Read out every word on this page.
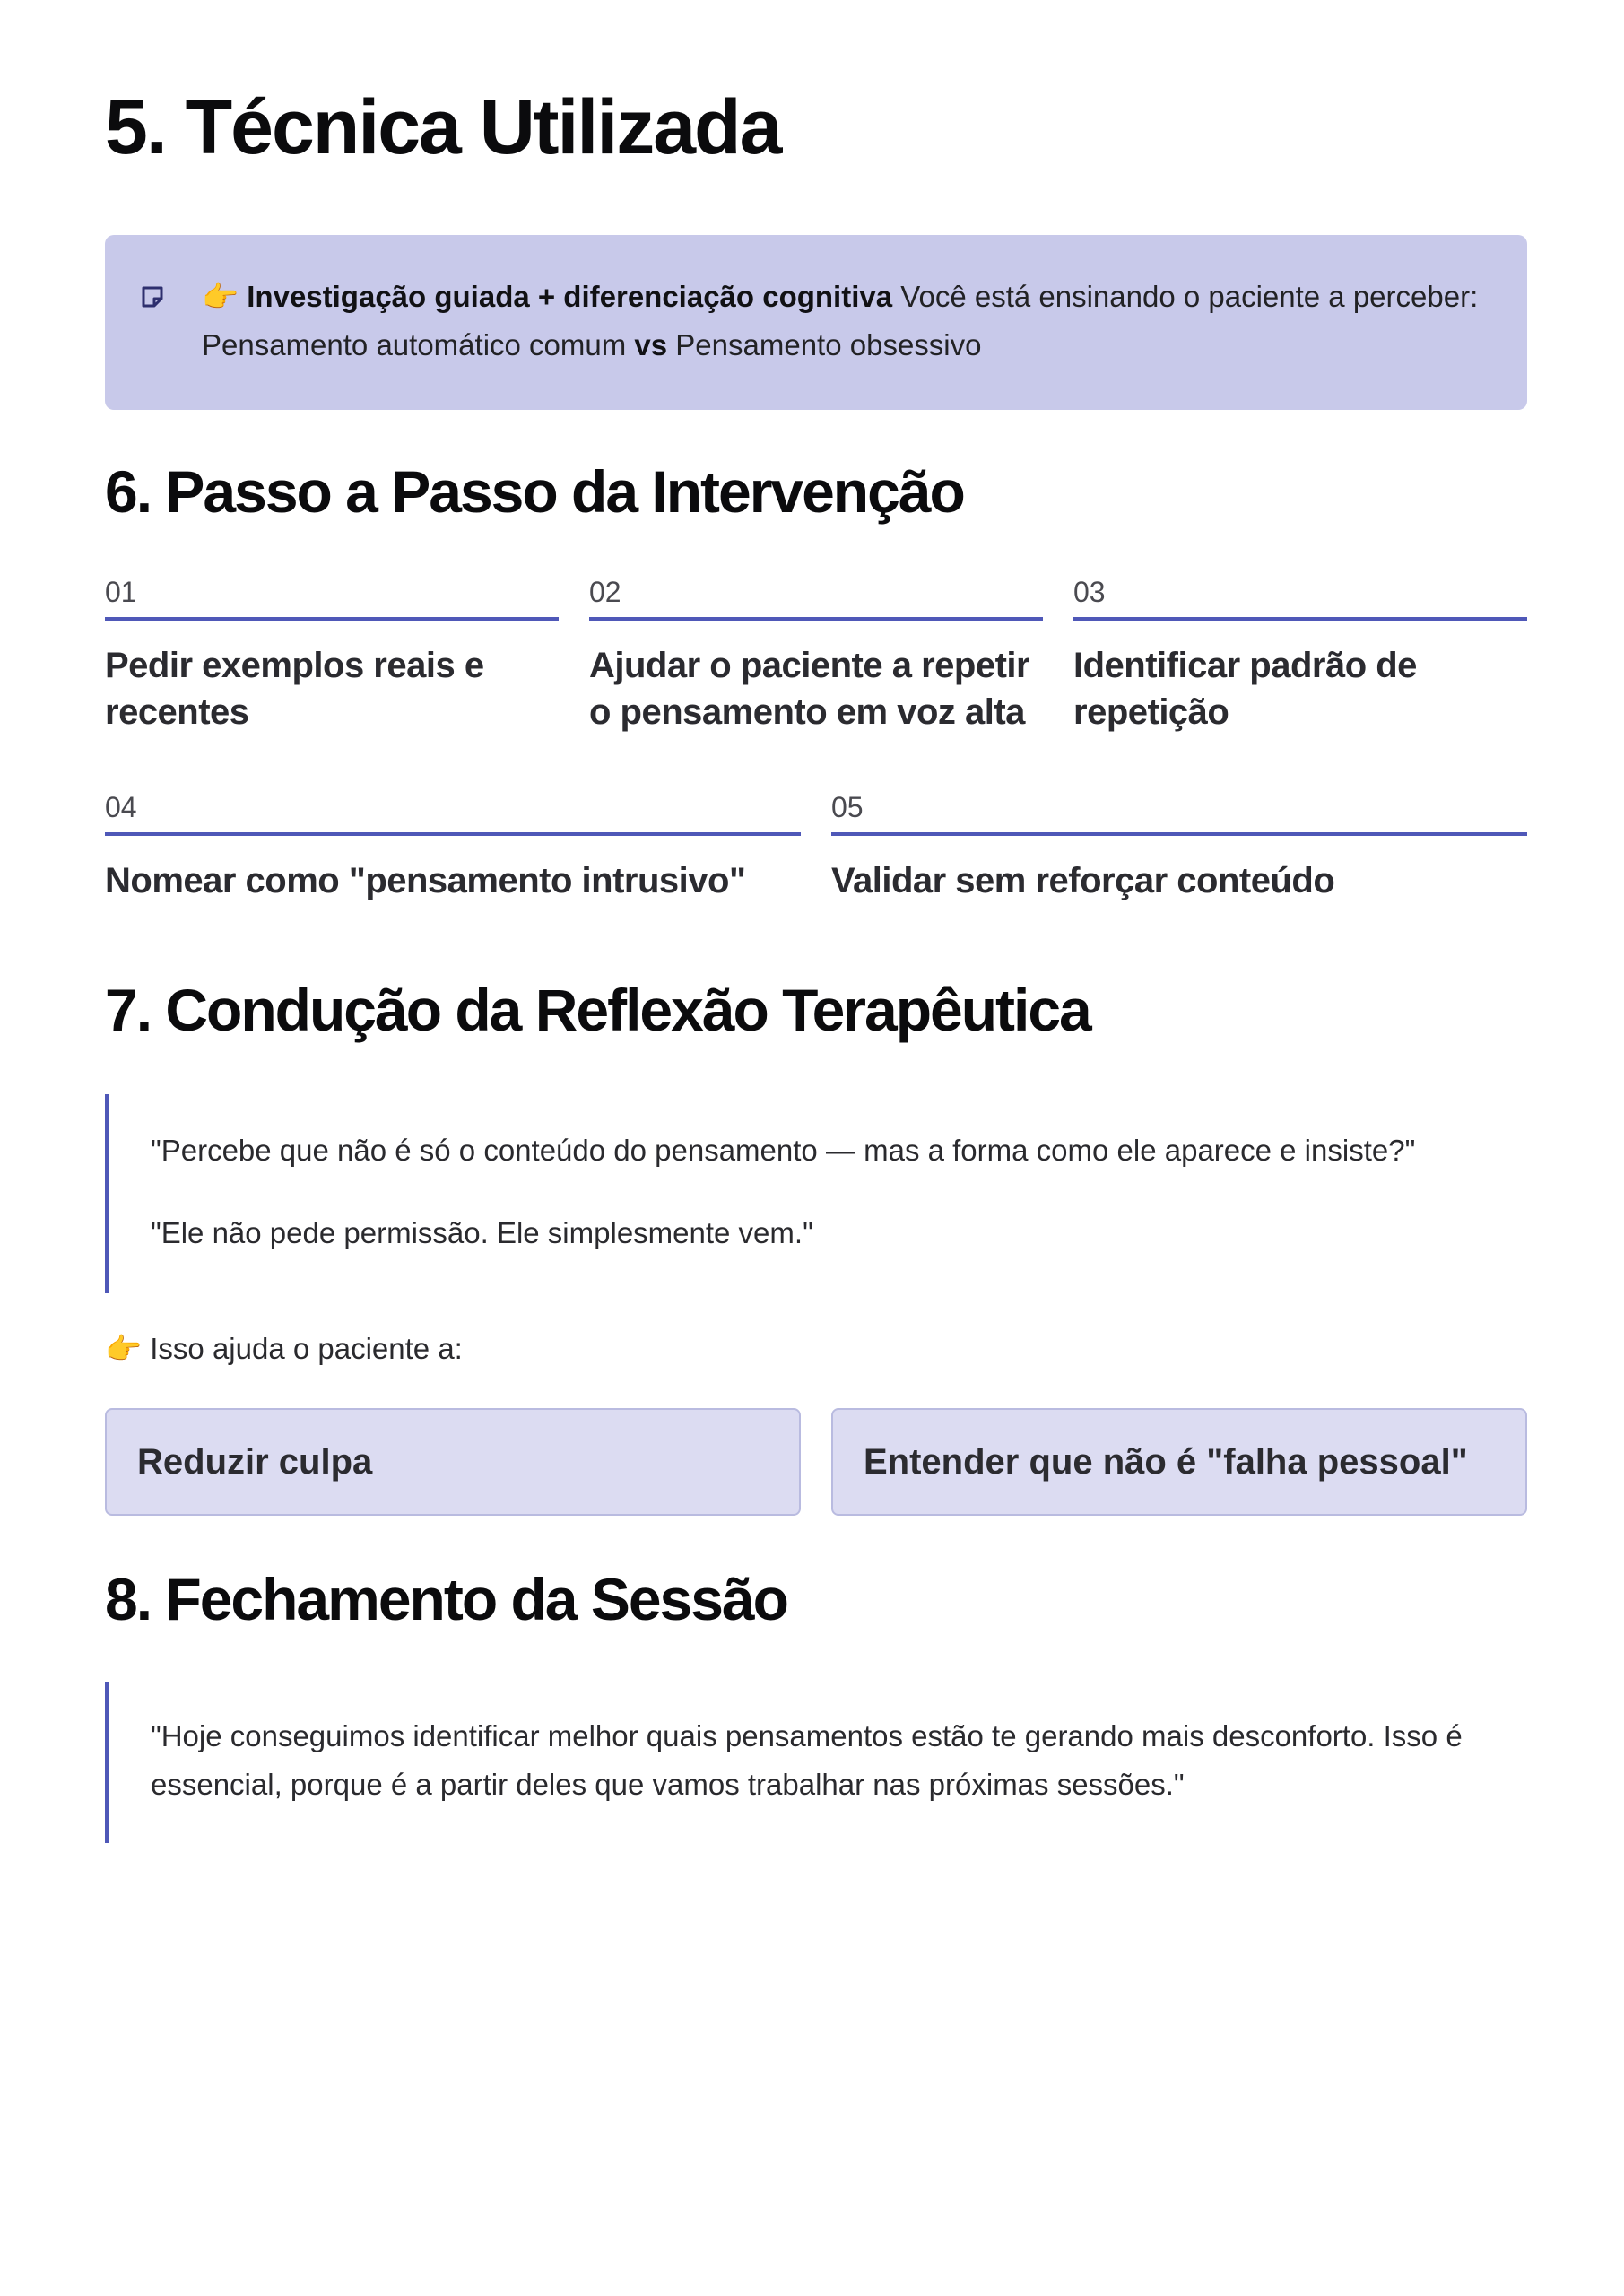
5. Técnica Utilizada
👉 Investigação guiada + diferenciação cognitiva Você está ensinando o paciente a perceber: Pensamento automático comum vs Pensamento obsessivo
6. Passo a Passo da Intervenção
01
Pedir exemplos reais e recentes
02
Ajudar o paciente a repetir o pensamento em voz alta
03
Identificar padrão de repetição
04
Nomear como "pensamento intrusivo"
05
Validar sem reforçar conteúdo
7. Condução da Reflexão Terapêutica

"Percebe que não é só o conteúdo do pensamento — mas a forma como ele aparece e insiste?"

"Ele não pede permissão. Ele simplesmente vem."

👉 Isso ajuda o paciente a:
Reduzir culpa	Entender que não é "falha pessoal"
8. Fechamento da Sessão

"Hoje conseguimos identificar melhor quais pensamentos estão te gerando mais desconforto. Isso é essencial, porque é a partir deles que vamos trabalhar nas próximas sessões."
